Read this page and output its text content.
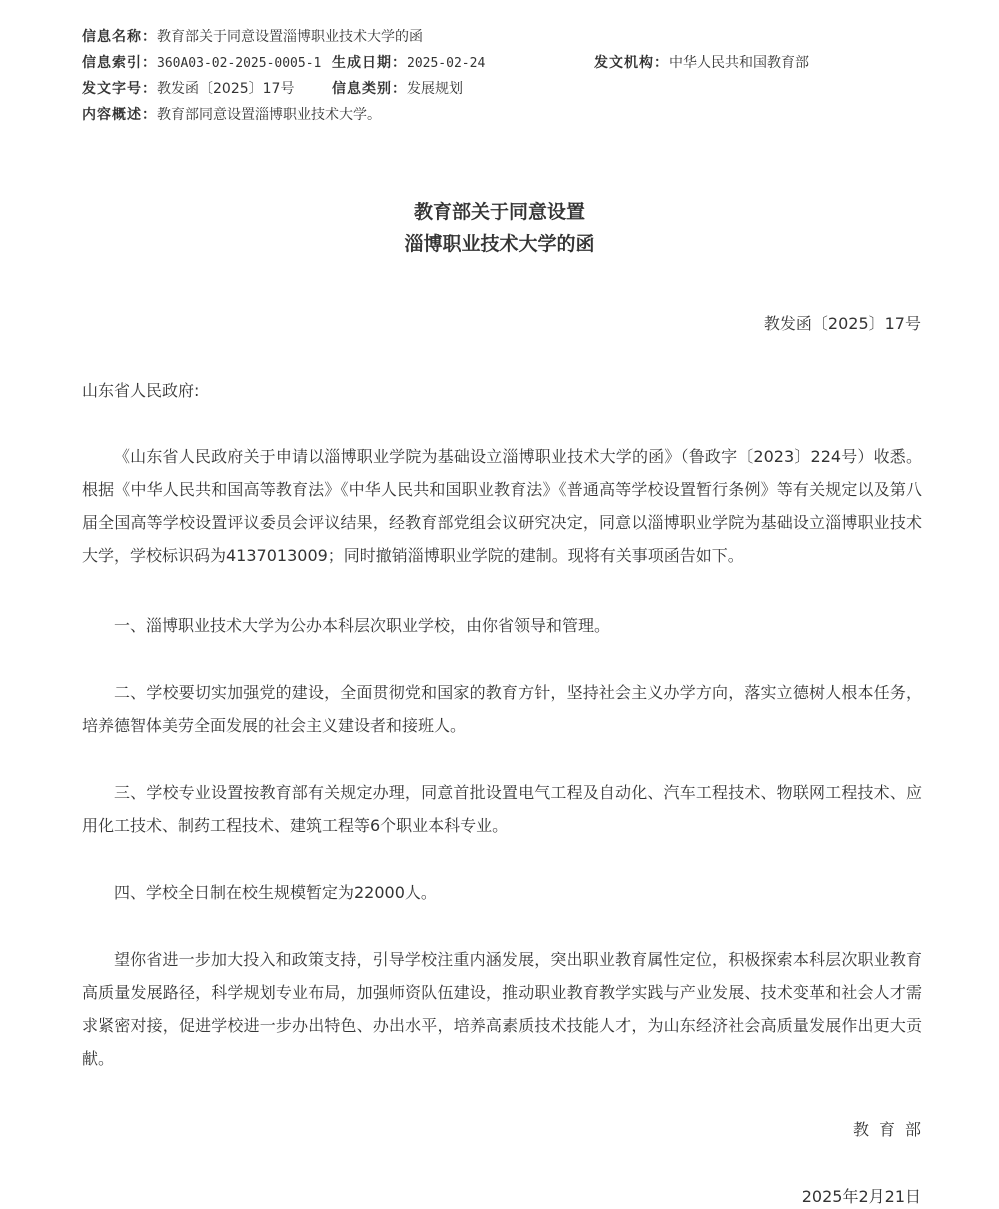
信息名称：教育部关于同意设置淄博职业技术大学的函
信息索引：360A03-02-2025-0005-1 生成日期：2025-02-24	发文机构：中华人民共和国教育部
发文字号：教发函〔2025〕17号	信息类别：发展规划
内容概述：教育部同意设置淄博职业技术大学。
教育部关于同意设置
淄博职业技术大学的函
教发函〔2025〕17号

山东省人民政府:

《山东省人民政府关于申请以淄博职业学院为基础设立淄博职业技术大学的函》（鲁政字〔2023〕224号）收悉。根据《中华人民共和国高等教育法》《中华人民共和国职业教育法》《普通高等学校设置暂行条例》等有关规定以及第八届全国高等学校设置评议委员会评议结果，经教育部党组会议研究决定，同意以淄博职业学院为基础设立淄博职业技术大学，学校标识码为4137013009；同时撤销淄博职业学院的建制。现将有关事项函告如下。

一、淄博职业技术大学为公办本科层次职业学校，由你省领导和管理。

二、学校要切实加强党的建设，全面贯彻党和国家的教育方针，坚持社会主义办学方向，落实立德树人根本任务，培养德智体美劳全面发展的社会主义建设者和接班人。

三、学校专业设置按教育部有关规定办理，同意首批设置电气工程及自动化、汽车工程技术、物联网工程技术、应用化工技术、制药工程技术、建筑工程等6个职业本科专业。

四、学校全日制在校生规模暂定为22000人。

望你省进一步加大投入和政策支持，引导学校注重内涵发展，突出职业教育属性定位，积极探索本科层次职业教育高质量发展路径，科学规划专业布局，加强师资队伍建设，推动职业教育教学实践与产业发展、技术变革和社会人才需求紧密对接，促进学校进一步办出特色、办出水平，培养高素质技术技能人才，为山东经济社会高质量发展作出更大贡献。

教育部
2025年2月21日
